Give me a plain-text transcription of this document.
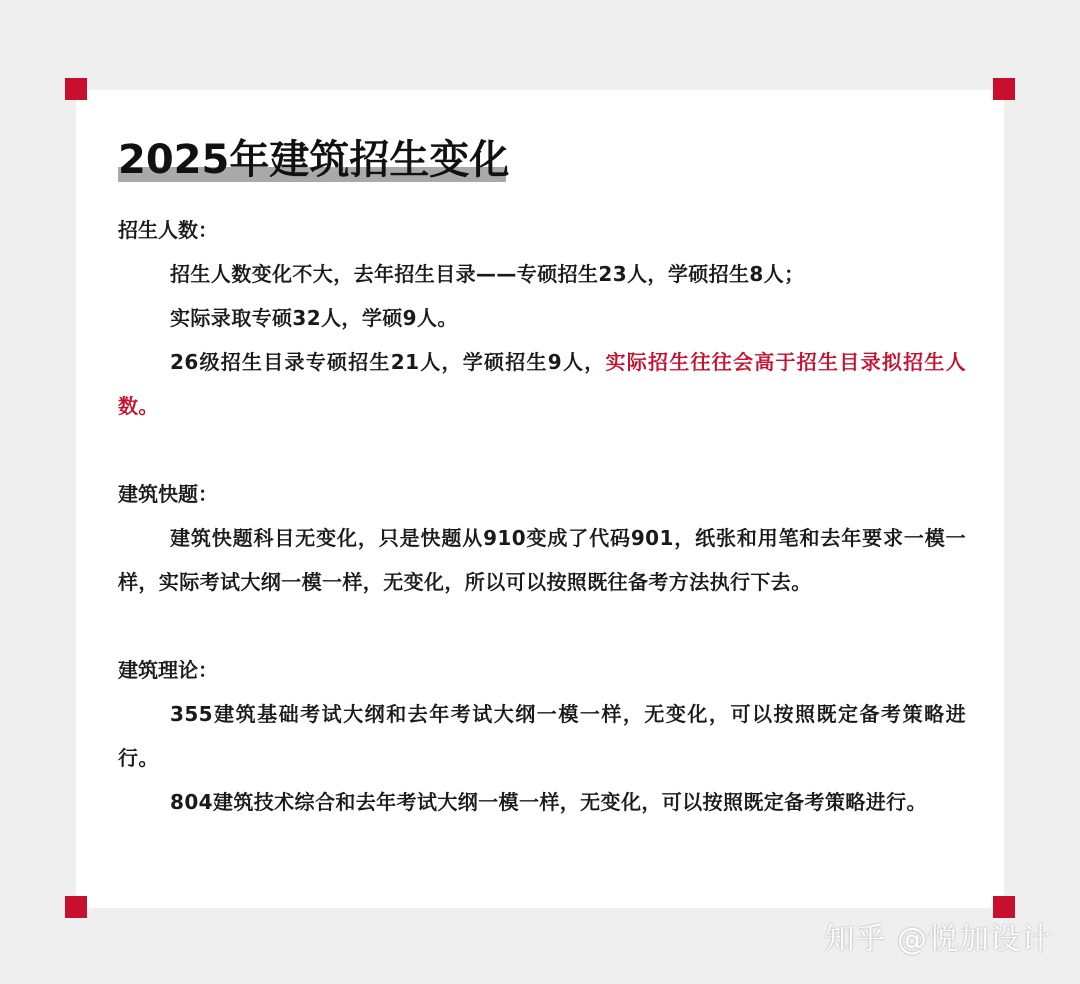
2025年建筑招生变化

招生人数：

招生人数变化不大，去年招生目录——专硕招生23人，学硕招生8人；

实际录取专硕32人，学硕9人。

26级招生目录专硕招生21人，学硕招生9人，实际招生往往会高于招生目录拟招生人数。

建筑快题：

建筑快题科目无变化，只是快题从910变成了代码901，纸张和用笔和去年要求一模一样，实际考试大纲一模一样，无变化，所以可以按照既往备考方法执行下去。

建筑理论：

355建筑基础考试大纲和去年考试大纲一模一样，无变化，可以按照既定备考策略进行。

804建筑技术综合和去年考试大纲一模一样，无变化，可以按照既定备考策略进行。

知乎 @悦加设计
